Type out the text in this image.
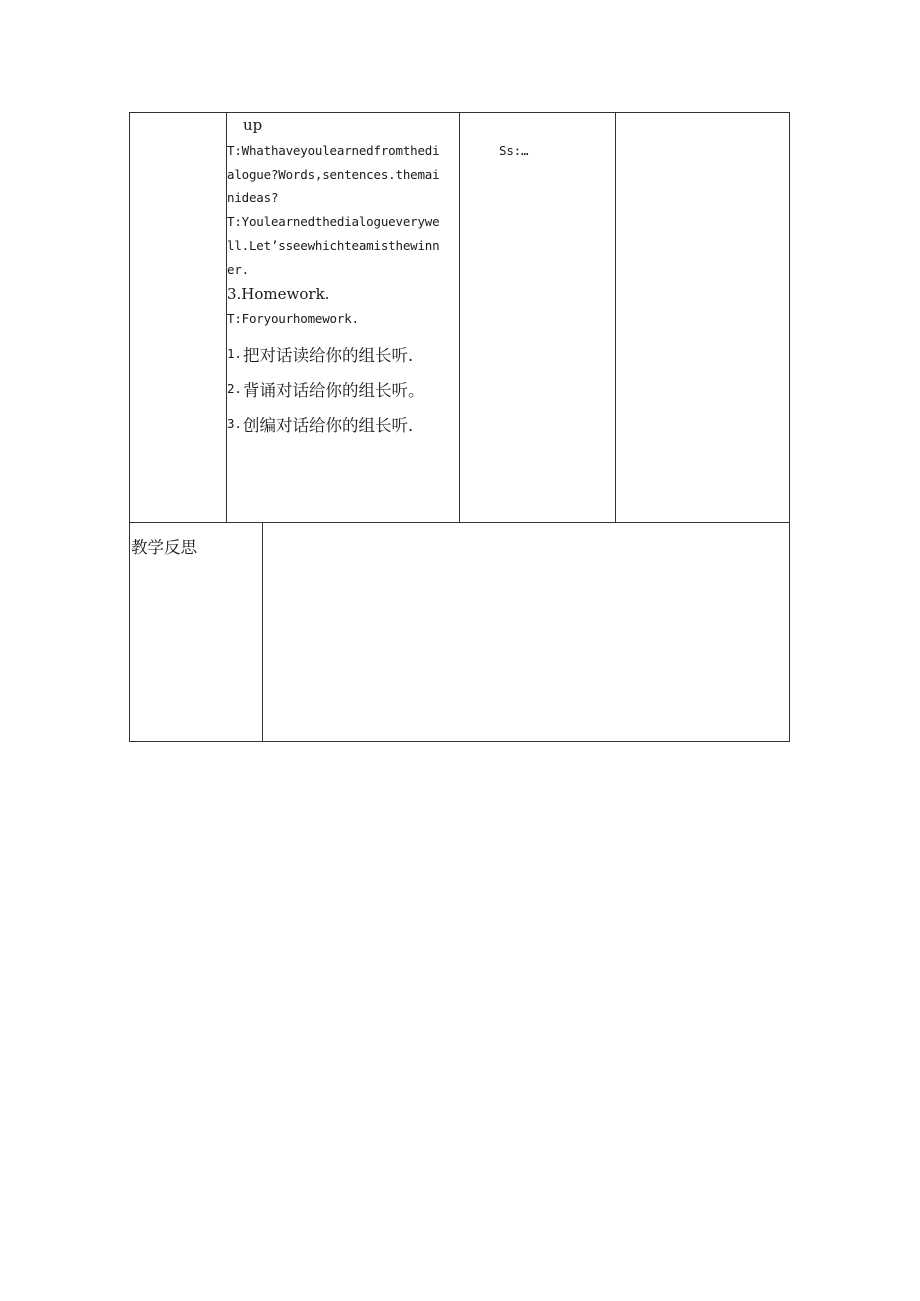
up
T:Whathaveyoulearnedfromthedi
alogue?Words,sentences.themai
nideas?
T:Youlearnedthedialogueverywe
ll.Let’sseewhichteamisthewinn
er.
3.Homework.
T:Foryourhomework.
1. 把对话读给你的组长听.
2. 背诵对话给你的组长听。
3. 创编对话给你的组长听.
Ss:…
教学反思
